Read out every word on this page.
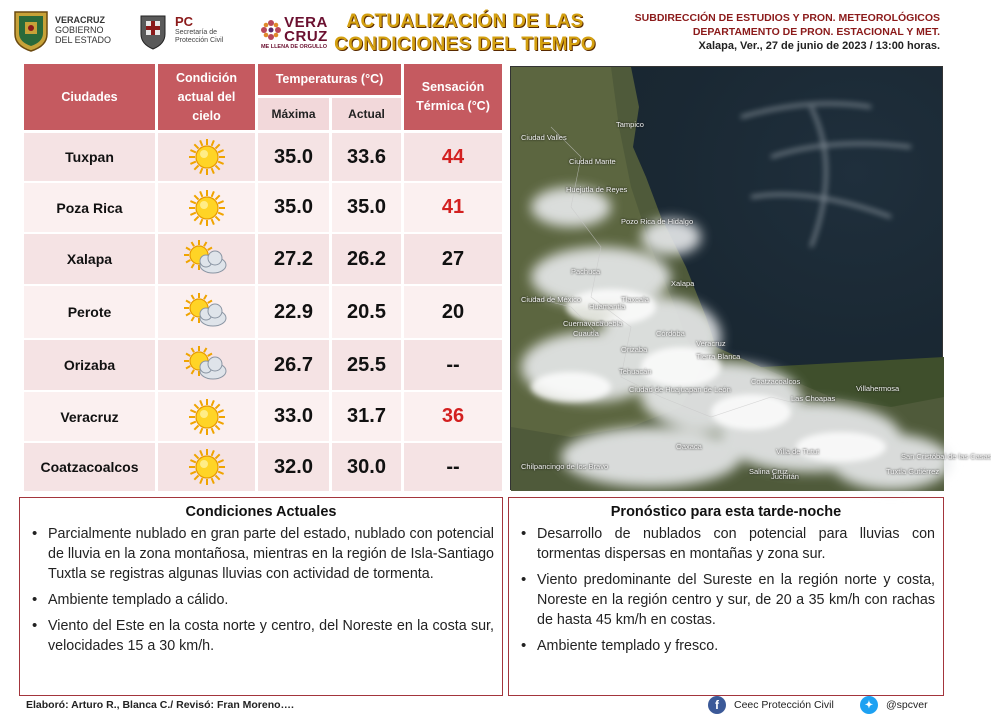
VERACRUZ
GOBIERNO
DEL ESTADO
PC
Secretaría de
Protección Civil
VERA
CRUZ
ME LLENA DE ORGULLO
ACTUALIZACIÓN DE LAS
CONDICIONES DEL TIEMPO
SUBDIRECCIÓN DE ESTUDIOS Y PRON. METEOROLÓGICOS
DEPARTAMENTO DE PRON. ESTACIONAL Y MET.
Xalapa, Ver., 27 de junio de 2023 / 13:00 horas.
Ciudades
Condición actual del cielo
Temperaturas (°C)
Máxima	Actual
Sensación Térmica (°C)
Tuxpan	35.0	33.6	44
Poza Rica	35.0	35.0	41
Xalapa	27.2	26.2	27
Perote	22.9	20.5	20
Orizaba	26.7	25.5	--
Veracruz	33.0	31.7	36
Coatzacoalcos	32.0	30.0	--
Ciudad Valles
Tampico
Ciudad Mante
Huejutla de Reyes
Pozo Rica de Hidalgo
Ciudad de México
Huamantla
Puebla
Veracruz
Córdoba
Orizaba
Tierra Blanca
Coatzacoalcos
Las Choapas
Villahermosa
Oaxaca
Juchitán
San Cristóbal de las Casas
Tehuacán
Cuautla
Chilpancingo de los Bravo
Tuxtla Gutiérrez
Ciudad de Huajuapan de León
Salina Cruz
Tlaxcala
Pachuca
Xalapa
Cuernavaca
Villa de Tutut
Condiciones Actuales
• Parcialmente nublado en gran parte del estado, nublado con potencial de lluvia en la zona montañosa, mientras en la región de Isla-Santiago Tuxtla se registras algunas lluvias con actividad de tormenta.
• Ambiente templado a cálido.
• Viento del Este en la costa norte y centro, del Noreste en la costa sur, velocidades 15 a 30 km/h.
Pronóstico para esta tarde-noche
• Desarrollo de nublados con potencial para lluvias con tormentas dispersas en montañas y zona sur.
• Viento predominante del Sureste en la región norte y costa, Noreste en la región centro y sur, de 20 a 35 km/h con rachas de hasta 45 km/h en costas.
• Ambiente templado y fresco.
Elaboró: Arturo R., Blanca C./ Revisó: Fran Moreno….	f	Ceec Protección Civil	✦	@spcver
